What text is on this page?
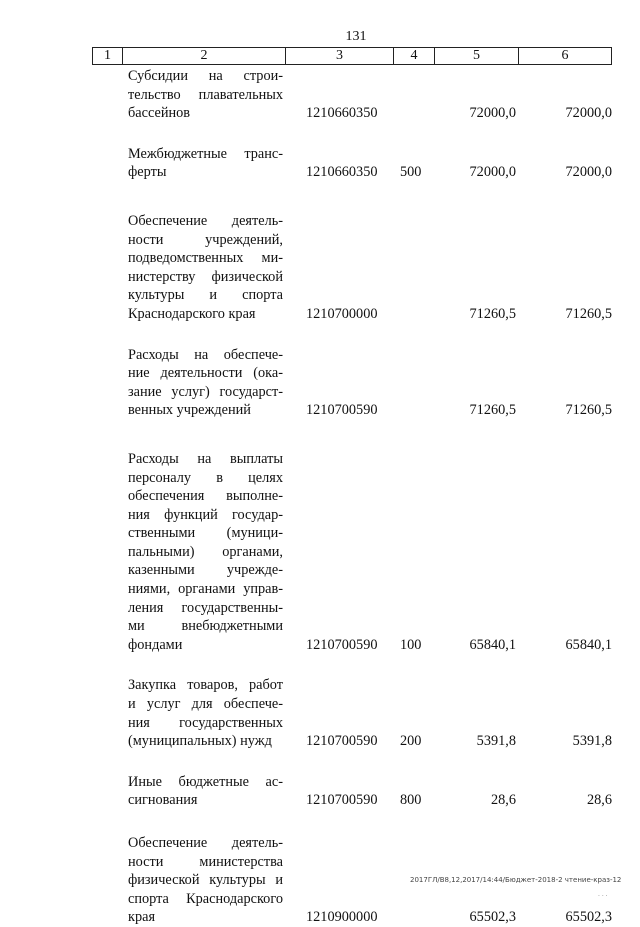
131
1	2	3	4	5	6
Субсидии на строи-
тельство плавательных
бассейнов	1210660350	72000,0	72000,0
Межбюджетные транс-
ферты	1210660350 500	72000,0	72000,0
Обеспечение деятель-
ности учреждений,
подведомственных ми-
нистерству физической
культуры и спорта
Краснодарского края	1210700000	71260,5	71260,5
Расходы на обеспече-
ние деятельности (ока-
зание услуг) государст-
венных учреждений	1210700590	71260,5	71260,5
Расходы на выплаты
персоналу в целях
обеспечения выполне-
ния функций государ-
ственными (муници-
пальными) органами,
казенными учрежде-
ниями, органами управ-
ления государственны-
ми внебюджетными
фондами	1210700590 100	65840,1	65840,1
Закупка товаров, работ
и услуг для обеспече-
ния государственных
(муниципальных) нужд	1210700590 200	5391,8	5391,8
Иные бюджетные ас-
сигнования	1210700590 800	28,6	28,6
Обеспечение деятель-
ности министерства
физической культуры и
спорта Краснодарского
края	1210900000	65502,3	65502,3
2017ГЛ/В8,12,2017/14:44/Бюджет-2018-2 чтение-краз-12
· · ·
